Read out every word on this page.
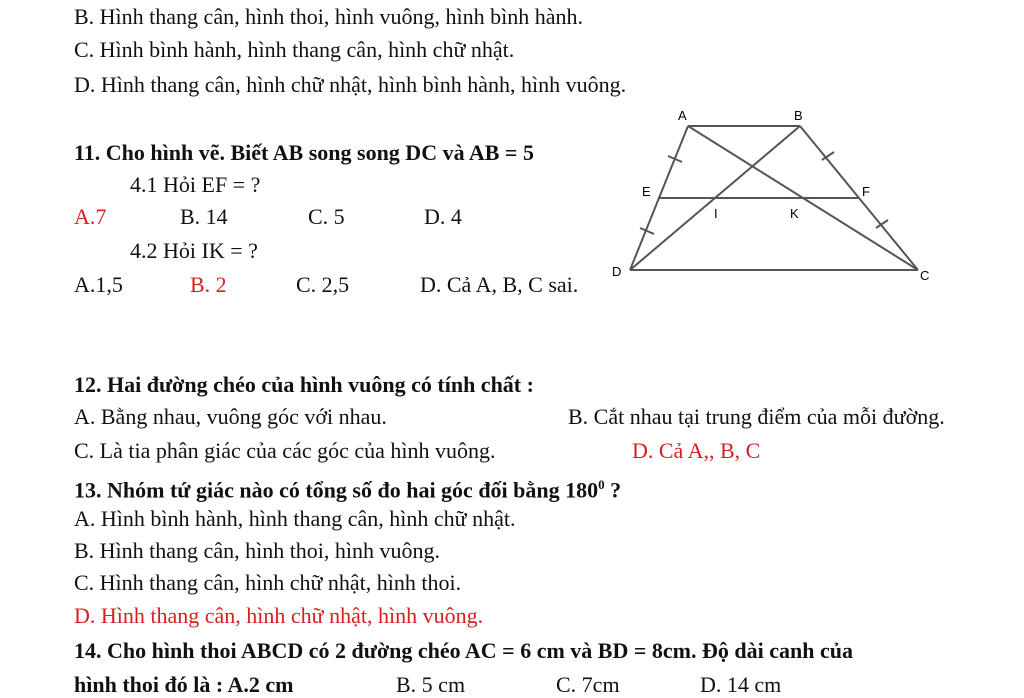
B. Hình thang cân, hình thoi, hình vuông, hình bình hành.
C. Hình bình hành, hình thang cân, hình chữ nhật.
D. Hình thang cân, hình chữ nhật, hình bình hành, hình vuông.
11. Cho hình vẽ. Biết AB song song DC và AB = 5
4.1 Hỏi EF = ?
A.7	B. 14	C. 5	D. 4
4.2 Hỏi IK = ?
A.1,5	B. 2	C. 2,5	D. Cả A, B, C sai.
A	B
E	F
I	K
D	C
12. Hai đường chéo của hình vuông có tính chất :
A. Bằng nhau, vuông góc với nhau.	B. Cắt nhau tại trung điểm của mỗi đường.
C. Là tia phân giác của các góc của hình vuông.	D. Cả A,, B, C
13. Nhóm tứ giác nào có tổng số đo hai góc đối bằng $180^0$ ?
A. Hình bình hành, hình thang cân, hình chữ nhật.
B. Hình thang cân, hình thoi, hình vuông.
C. Hình thang cân, hình chữ nhật, hình thoi.
D. Hình thang cân, hình chữ nhật, hình vuông.
14. Cho hình thoi ABCD có 2 đường chéo AC = 6 cm và BD = 8cm. Độ dài canh của
hình thoi đó là : A.2 cm	B. 5 cm	C. 7cm	D. 14 cm
